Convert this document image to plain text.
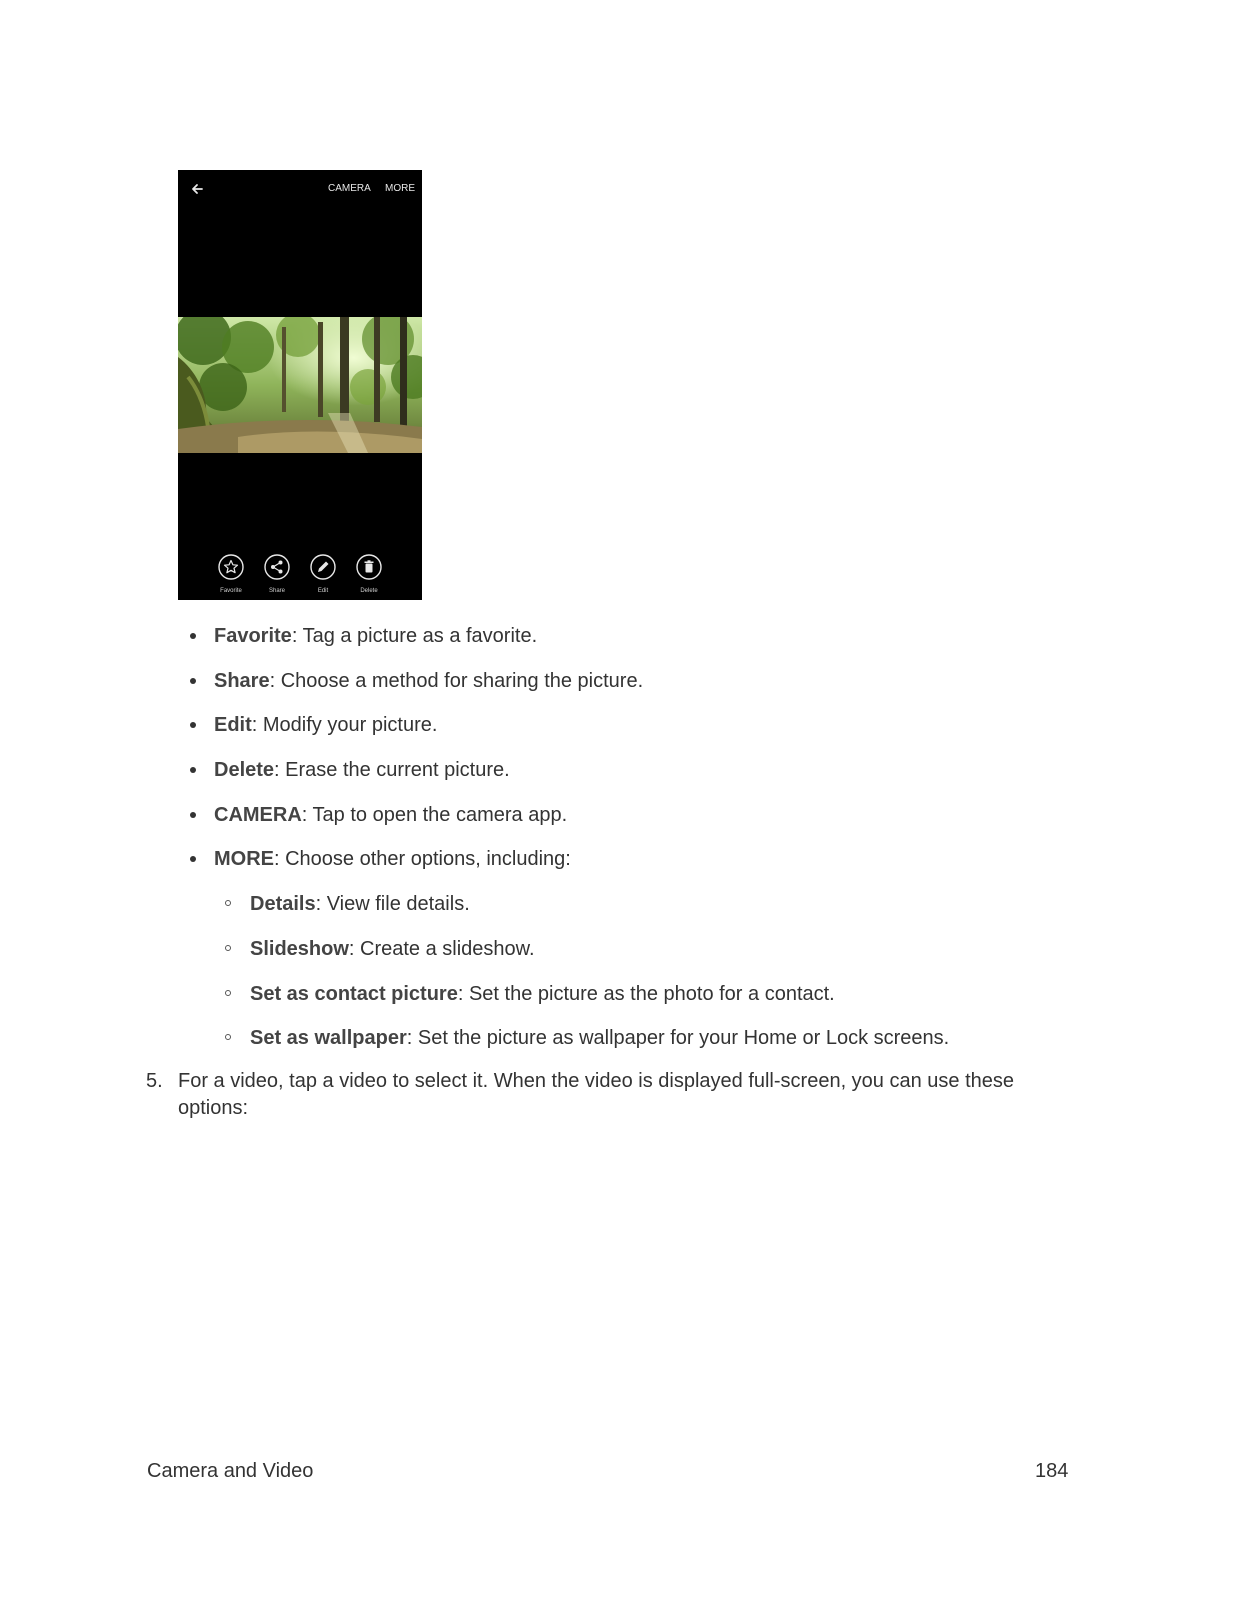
CAMERA MORE
Favorite	Share	Edit	Delete
Favorite: Tag a picture as a favorite.
Share: Choose a method for sharing the picture.
Edit: Modify your picture.
Delete: Erase the current picture.
CAMERA: Tap to open the camera app.
MORE: Choose other options, including:
Details: View file details.
Slideshow: Create a slideshow.
Set as contact picture: Set the picture as the photo for a contact.
Set as wallpaper: Set the picture as wallpaper for your Home or Lock screens.
5. For a video, tap a video to select it. When the video is displayed full-screen, you can use these options:
Camera and Video	184
